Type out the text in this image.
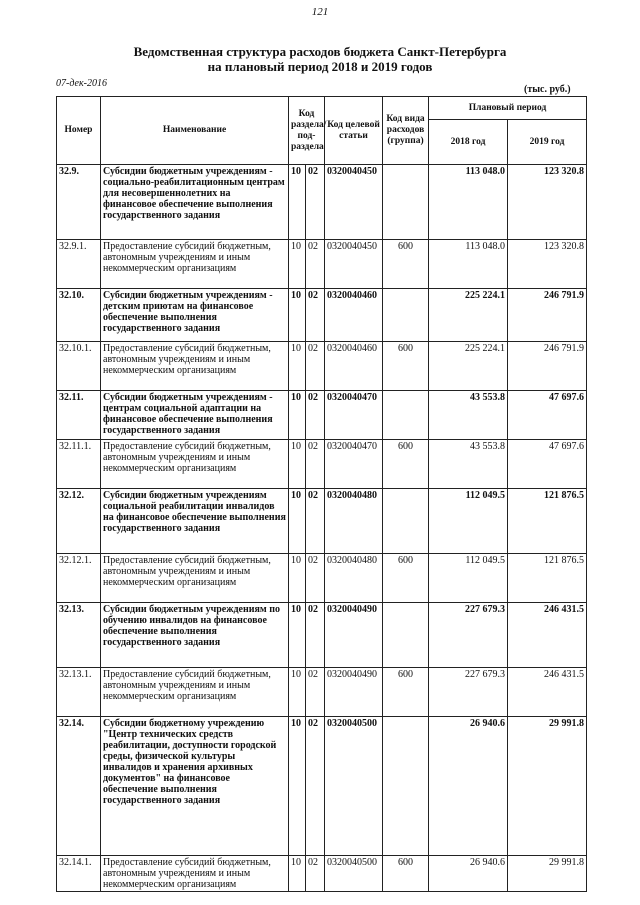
121
Ведомственная структура расходов бюджета Санкт-Петербурга
на плановый период 2018 и 2019 годов
07-дек-2016
(тыс. руб.)
Номер	Наименование	Код раздела/ под-раздела		Код целевой статьи	Код вида расходов (группа)	Плановый период	
						2018 год	2019 год
32.9.	Субсидии бюджетным учреждениям - социально-реабилитационным центрам для несовершеннолетних на финансовое обеспечение выполнения государственного задания	10	02	0320040450		113 048.0	123 320.8
32.9.1.	Предоставление субсидий бюджетным, автономным учреждениям и иным некоммерческим организациям	10	02	0320040450	600	113 048.0	123 320.8
32.10.	Субсидии бюджетным учреждениям - детским приютам на финансовое обеспечение выполнения государственного задания	10	02	0320040460		225 224.1	246 791.9
32.10.1.	Предоставление субсидий бюджетным, автономным учреждениям и иным некоммерческим организациям	10	02	0320040460	600	225 224.1	246 791.9
32.11.	Субсидии бюджетным учреждениям - центрам социальной адаптации на финансовое обеспечение выполнения государственного задания	10	02	0320040470		43 553.8	47 697.6
32.11.1.	Предоставление субсидий бюджетным, автономным учреждениям и иным некоммерческим организациям	10	02	0320040470	600	43 553.8	47 697.6
32.12.	Субсидии бюджетным учреждениям социальной реабилитации инвалидов на финансовое обеспечение выполнения государственного задания	10	02	0320040480		112 049.5	121 876.5
32.12.1.	Предоставление субсидий бюджетным, автономным учреждениям и иным некоммерческим организациям	10	02	0320040480	600	112 049.5	121 876.5
32.13.	Субсидии бюджетным учреждениям по обучению инвалидов на финансовое обеспечение выполнения государственного задания	10	02	0320040490		227 679.3	246 431.5
32.13.1.	Предоставление субсидий бюджетным, автономным учреждениям и иным некоммерческим организациям	10	02	0320040490	600	227 679.3	246 431.5
32.14.	Субсидии бюджетному учреждению "Центр технических средств реабилитации, доступности городской среды, физической культуры инвалидов и хранения архивных документов" на финансовое обеспечение выполнения государственного задания	10	02	0320040500		26 940.6	29 991.8
32.14.1.	Предоставление субсидий бюджетным, автономным учреждениям и иным некоммерческим организациям	10	02	0320040500	600	26 940.6	29 991.8
